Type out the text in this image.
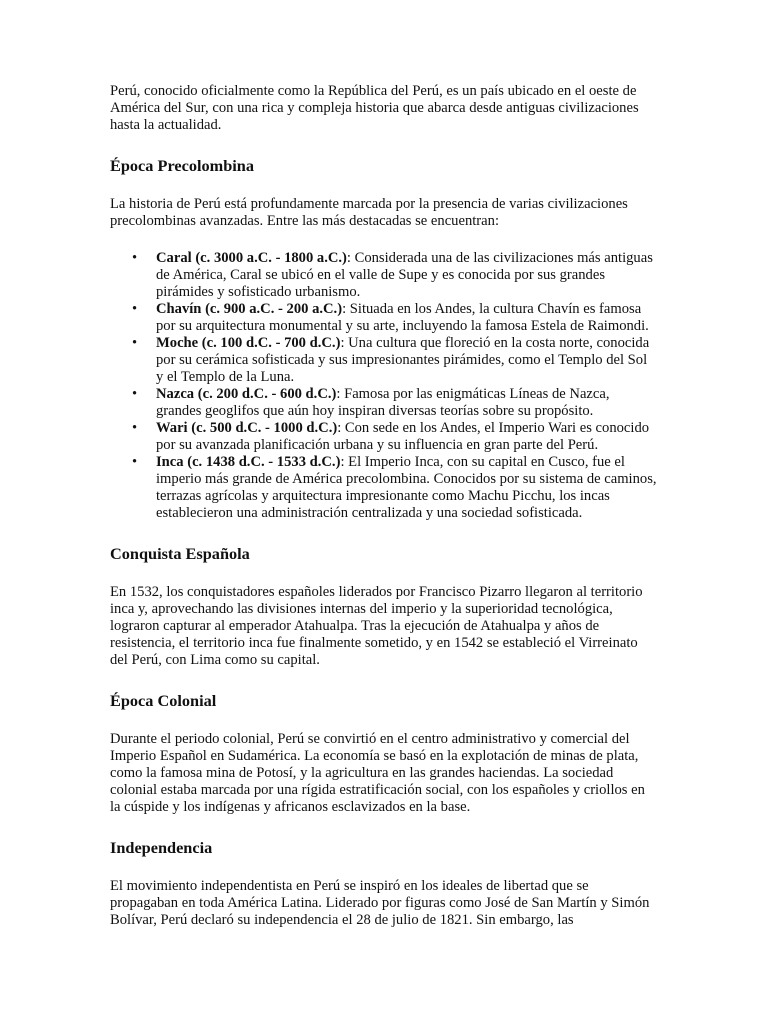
Perú, conocido oficialmente como la República del Perú, es un país ubicado en el oeste de América del Sur, con una rica y compleja historia que abarca desde antiguas civilizaciones hasta la actualidad.

Época Precolombina

La historia de Perú está profundamente marcada por la presencia de varias civilizaciones precolombinas avanzadas. Entre las más destacadas se encuentran:

• Caral (c. 3000 a.C. - 1800 a.C.): Considerada una de las civilizaciones más antiguas de América, Caral se ubicó en el valle de Supe y es conocida por sus grandes pirámides y sofisticado urbanismo.
• Chavín (c. 900 a.C. - 200 a.C.): Situada en los Andes, la cultura Chavín es famosa por su arquitectura monumental y su arte, incluyendo la famosa Estela de Raimondi.
• Moche (c. 100 d.C. - 700 d.C.): Una cultura que floreció en la costa norte, conocida por su cerámica sofisticada y sus impresionantes pirámides, como el Templo del Sol y el Templo de la Luna.
• Nazca (c. 200 d.C. - 600 d.C.): Famosa por las enigmáticas Líneas de Nazca, grandes geoglifos que aún hoy inspiran diversas teorías sobre su propósito.
• Wari (c. 500 d.C. - 1000 d.C.): Con sede en los Andes, el Imperio Wari es conocido por su avanzada planificación urbana y su influencia en gran parte del Perú.
• Inca (c. 1438 d.C. - 1533 d.C.): El Imperio Inca, con su capital en Cusco, fue el imperio más grande de América precolombina. Conocidos por su sistema de caminos, terrazas agrícolas y arquitectura impresionante como Machu Picchu, los incas establecieron una administración centralizada y una sociedad sofisticada.
Conquista Española

En 1532, los conquistadores españoles liderados por Francisco Pizarro llegaron al territorio inca y, aprovechando las divisiones internas del imperio y la superioridad tecnológica, lograron capturar al emperador Atahualpa. Tras la ejecución de Atahualpa y años de resistencia, el territorio inca fue finalmente sometido, y en 1542 se estableció el Virreinato del Perú, con Lima como su capital.

Época Colonial

Durante el periodo colonial, Perú se convirtió en el centro administrativo y comercial del Imperio Español en Sudamérica. La economía se basó en la explotación de minas de plata, como la famosa mina de Potosí, y la agricultura en las grandes haciendas. La sociedad colonial estaba marcada por una rígida estratificación social, con los españoles y criollos en la cúspide y los indígenas y africanos esclavizados en la base.

Independencia

El movimiento independentista en Perú se inspiró en los ideales de libertad que se propagaban en toda América Latina. Liderado por figuras como José de San Martín y Simón Bolívar, Perú declaró su independencia el 28 de julio de 1821. Sin embargo, las
